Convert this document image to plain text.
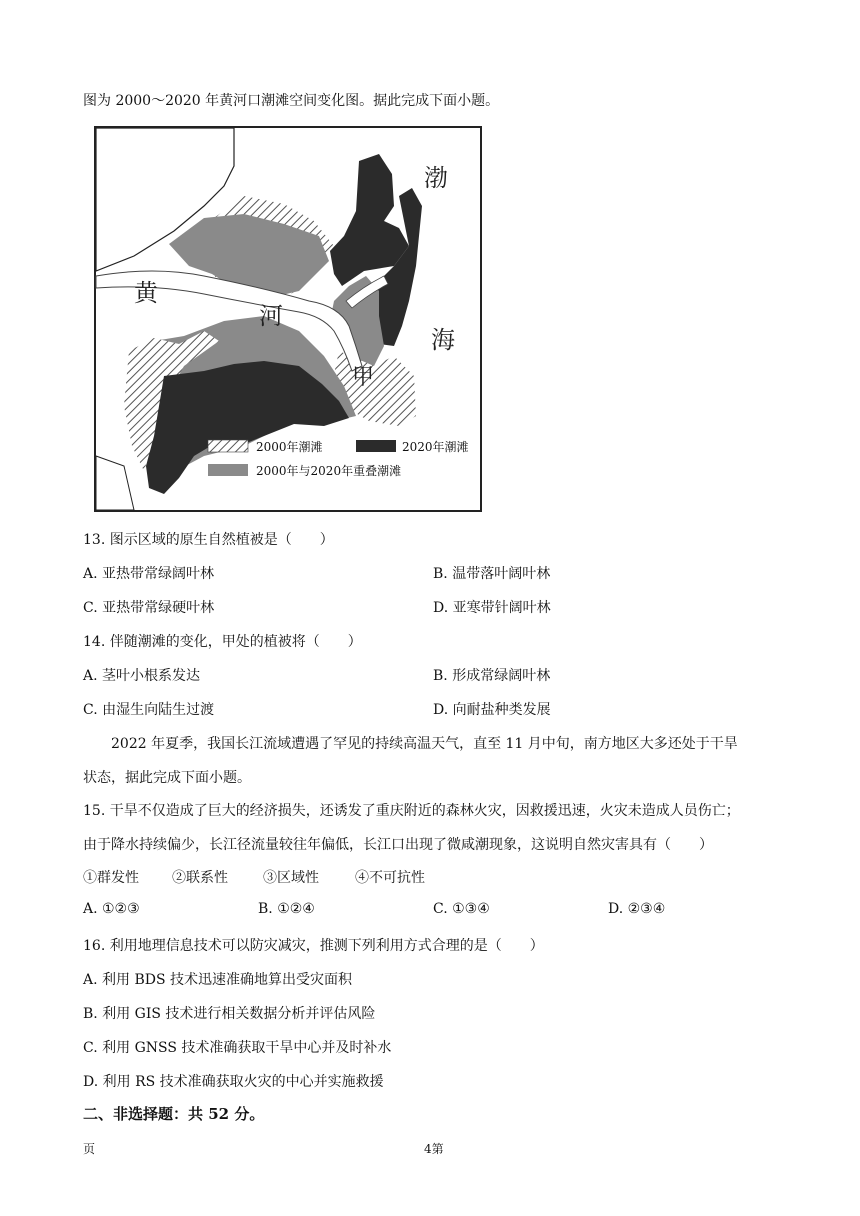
图为 2000～2020 年黄河口潮滩空间变化图。据此完成下面小题。
渤
海
黄
河
甲
2000年潮滩	2020年潮滩
2000年与2020年重叠潮滩
13. 图示区域的原生自然植被是（　　）
A. 亚热带常绿阔叶林	B. 温带落叶阔叶林
C. 亚热带常绿硬叶林	D. 亚寒带针阔叶林
14. 伴随潮滩的变化，甲处的植被将（　　）
A. 茎叶小根系发达	B. 形成常绿阔叶林
C. 由湿生向陆生过渡	D. 向耐盐种类发展
2022 年夏季，我国长江流域遭遇了罕见的持续高温天气，直至 11 月中旬，南方地区大多还处于干旱
状态，据此完成下面小题。
15. 干旱不仅造成了巨大的经济损失，还诱发了重庆附近的森林火灾，因救援迅速，火灾未造成人员伤亡；
由于降水持续偏少，长江径流量较往年偏低，长江口出现了微咸潮现象，这说明自然灾害具有（　　）
①群发性 ②联系性	③区域性	④不可抗性
A. ①②③	B. ①②④	C. ①③④	D. ②③④
16. 利用地理信息技术可以防灾减灾，推测下列利用方式合理的是（　　）
A. 利用 BDS 技术迅速准确地算出受灾面积
B. 利用 GIS 技术进行相关数据分析并评估风险
C. 利用 GNSS 技术准确获取干旱中心并及时补水
D. 利用 RS 技术准确获取火灾的中心并实施救援
二、非选择题：共 52 分。
页	4第
